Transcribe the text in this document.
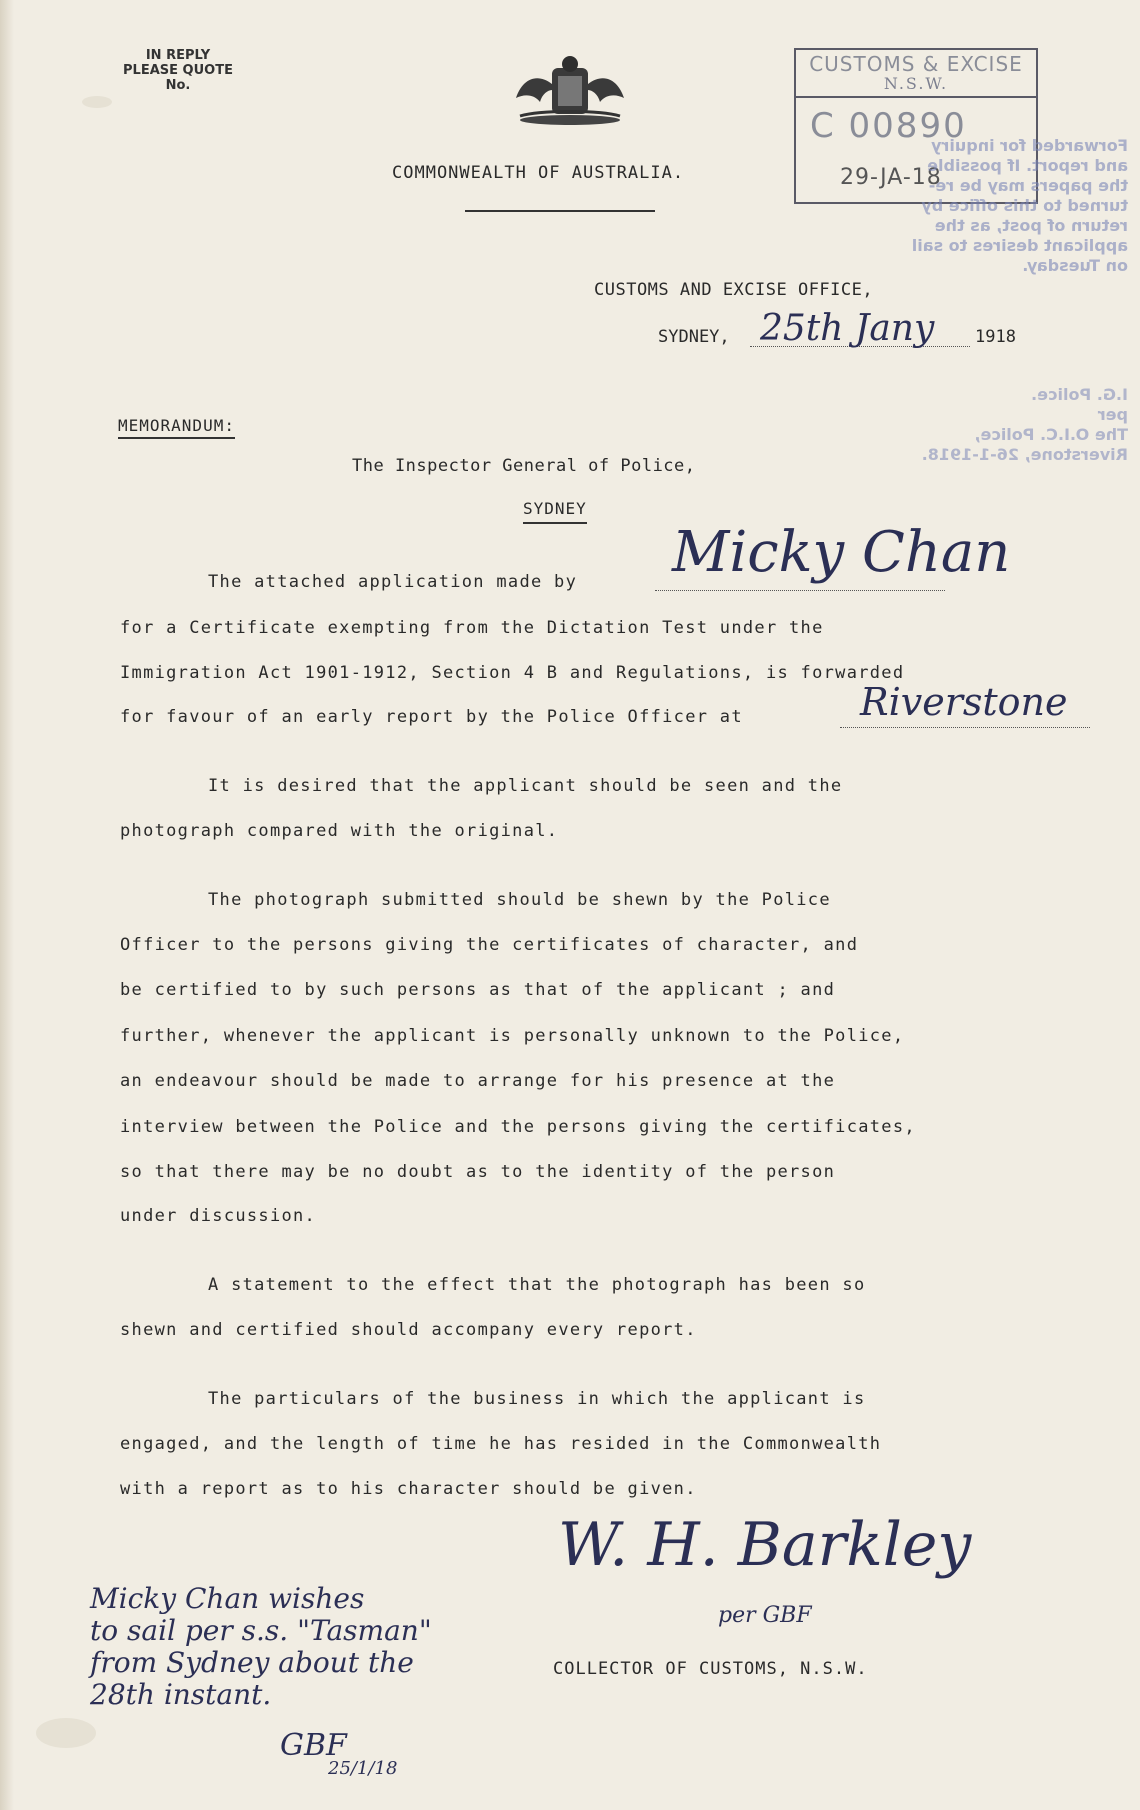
IN REPLY
PLEASE QUOTE
No.
COMMONWEALTH OF AUSTRALIA.
CUSTOMS & EXCISE
N.S.W.
C 00890
29-JA-18
Forwarded for inquiry
and report. If possible
the papers may be re-
turned to this office by
return of post, as the
applicant desires to sail
on Tuesday.
I.G. Police.
per
The O.I.C. Police,
Riverstone, 26-1-1918.
CUSTOMS AND EXCISE OFFICE,
SYDNEY, 25th Jany 1918
MEMORANDUM:
The Inspector General of Police,
SYDNEY
The attached application made by Micky Chan
for a Certificate exempting from the Dictation Test under the
Immigration Act 1901-1912, Section 4 B and Regulations, is forwarded
for favour of an early report by the Police Officer at	Riverstone
It is desired that the applicant should be seen and the
photograph compared with the original.
The photograph submitted should be shewn by the Police
Officer to the persons giving the certificates of character, and
be certified to by such persons as that of the applicant ; and
further, whenever the applicant is personally unknown to the Police,
an endeavour should be made to arrange for his presence at the
interview between the Police and the persons giving the certificates,
so that there may be no doubt as to the identity of the person
under discussion.
A statement to the effect that the photograph has been so
shewn and certified should accompany every report.
The particulars of the business in which the applicant is
engaged, and the length of time he has resided in the Commonwealth
with a report as to his character should be given.
W. H. Barkley
per GBF
COLLECTOR OF CUSTOMS, N.S.W.
Micky Chan wishes
to sail per s.s. "Tasman"
from Sydney about the
28th instant.
GBF
25/1/18
